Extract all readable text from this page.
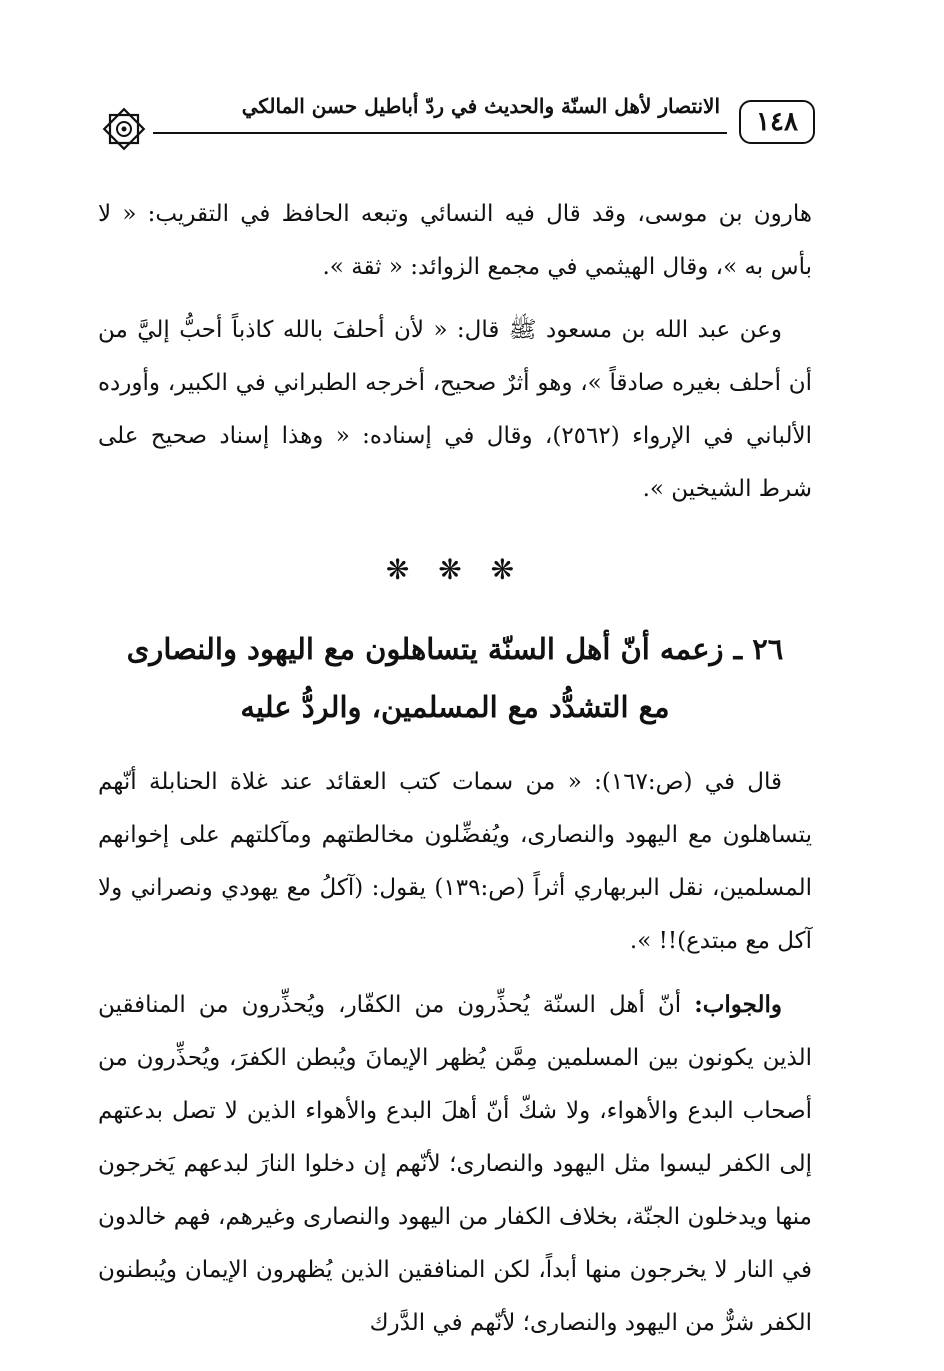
الانتصار لأهل السنّة والحديث في ردّ أباطيل حسن المالكي
١٤٨

هارون بن موسى، وقد قال فيه النسائي وتبعه الحافظ في التقريب: « لا بأس به »، وقال الهيثمي في مجمع الزوائد: « ثقة ».

وعن عبد الله بن مسعود ﷺ قال: « لأن أحلفَ بالله كاذباً أحبُّ إليَّ من أن أحلف بغيره صادقاً »، وهو أثرٌ صحيح، أخرجه الطبراني في الكبير، وأورده الألباني في الإرواء (٢٥٦٢)، وقال في إسناده: « وهذا إسناد صحيح على شرط الشيخين ».

❋ ❋ ❋
٢٦ ـ زعمه أنّ أهل السنّة يتساهلون مع اليهود والنصارى مع التشدُّد مع المسلمين، والردُّ عليه

قال في (ص:١٦٧): « من سمات كتب العقائد عند غلاة الحنابلة أنّهم يتساهلون مع اليهود والنصارى، ويُفضِّلون مخالطتهم ومآكلتهم على إخوانهم المسلمين، نقل البربهاري أثراً (ص:١٣٩) يقول: (آكلُ مع يهودي ونصراني ولا آكل مع مبتدع)!! ».

والجواب: أنّ أهل السنّة يُحذِّرون من الكفّار، ويُحذِّرون من المنافقين الذين يكونون بين المسلمين مِمَّن يُظهر الإيمانَ ويُبطن الكفرَ، ويُحذِّرون من أصحاب البدع والأهواء، ولا شكّ أنّ أهلَ البدع والأهواء الذين لا تصل بدعتهم إلى الكفر ليسوا مثل اليهود والنصارى؛ لأنّهم إن دخلوا النارَ لبدعهم يَخرجون منها ويدخلون الجنّة، بخلاف الكفار من اليهود والنصارى وغيرهم، فهم خالدون في النار لا يخرجون منها أبداً، لكن المنافقين الذين يُظهرون الإيمان ويُبطنون الكفر شرٌّ من اليهود والنصارى؛ لأنّهم في الدَّرك
